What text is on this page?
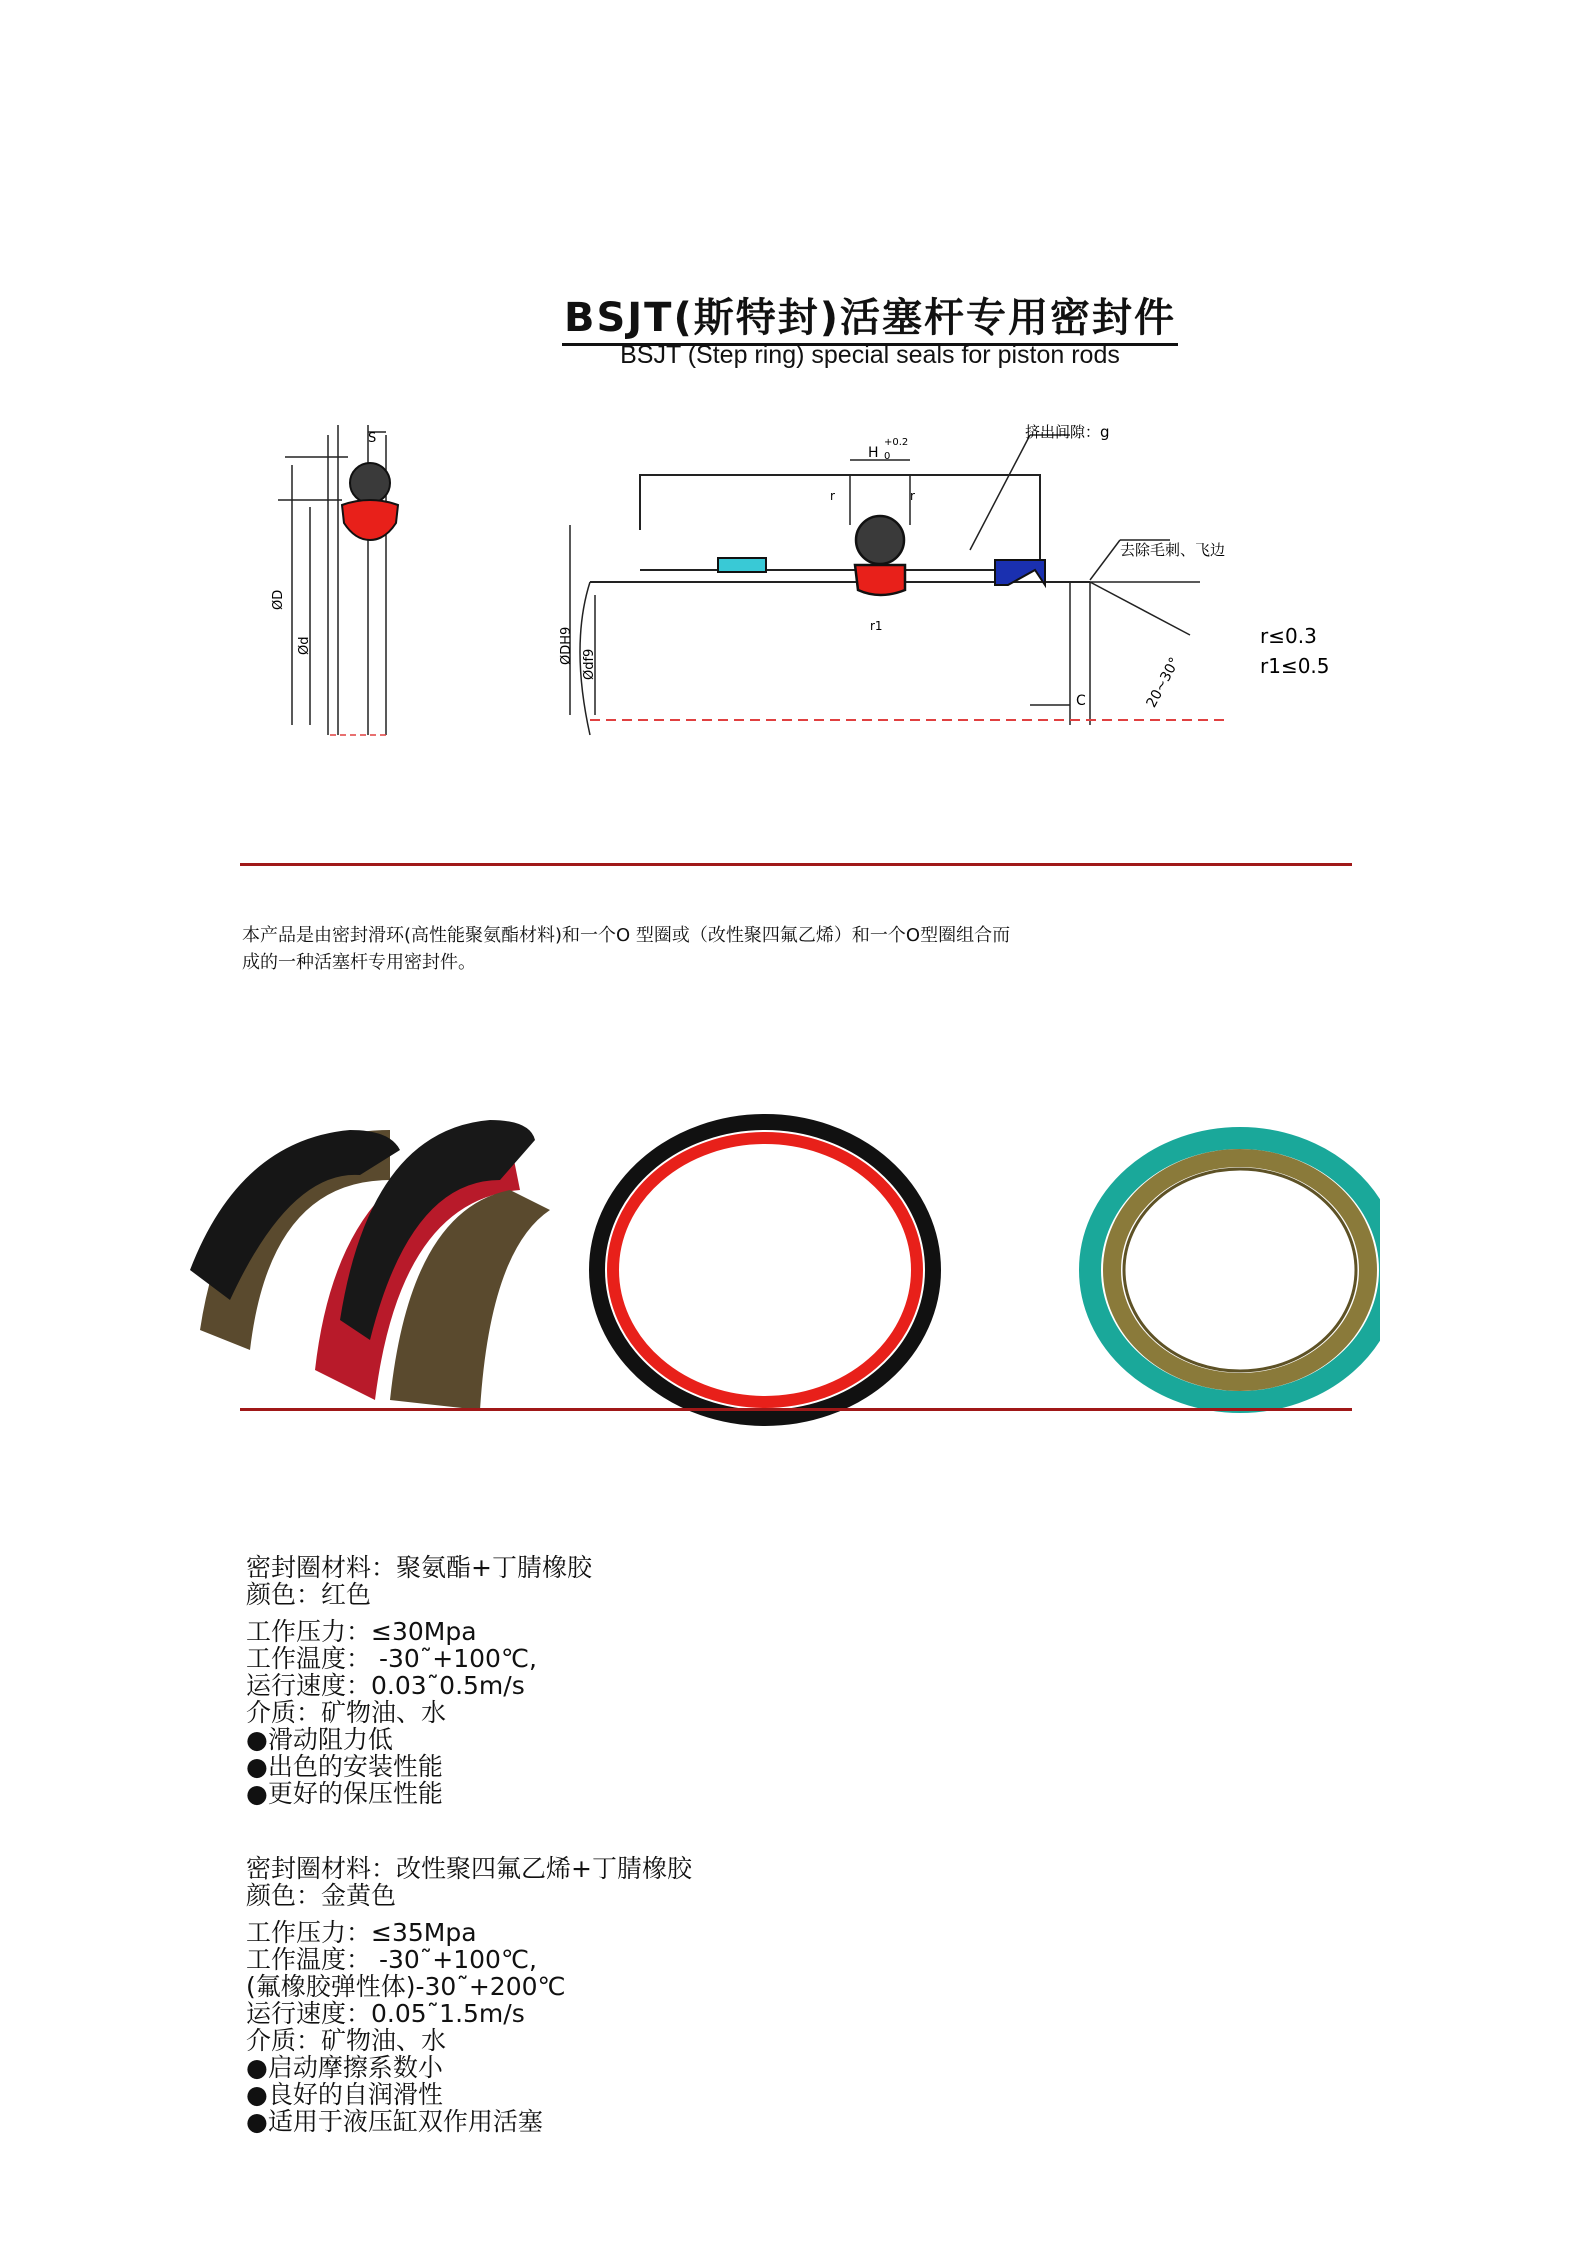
BSJT(斯特封)活塞杆专用密封件
BSJT (Step ring) special seals for piston rods
S
ØD
Ød
H
+0.2
0
挤出间隙：g
去除毛刺、飞边
ØDH9 Ødf9
C	20~30°
r	r
r1	r≤0.3
r1≤0.5
本产品是由密封滑环(高性能聚氨酯材料)和一个O 型圈或（改性聚四氟乙烯）和一个O型圈组合而
成的一种活塞杆专用密封件。
密封圈材料：聚氨酯+丁腈橡胶
颜色：红色
工作压力：≤30Mpa
工作温度： -30˜+100℃,
运行速度：0.03˜0.5m/s
介质：矿物油、水
●滑动阻力低
●出色的安装性能
●更好的保压性能
密封圈材料：改性聚四氟乙烯+丁腈橡胶
颜色：金黄色
工作压力：≤35Mpa
工作温度： -30˜+100℃,
(氟橡胶弹性体)-30˜+200℃
运行速度：0.05˜1.5m/s
介质：矿物油、水
●启动摩擦系数小
●良好的自润滑性
●适用于液压缸双作用活塞
